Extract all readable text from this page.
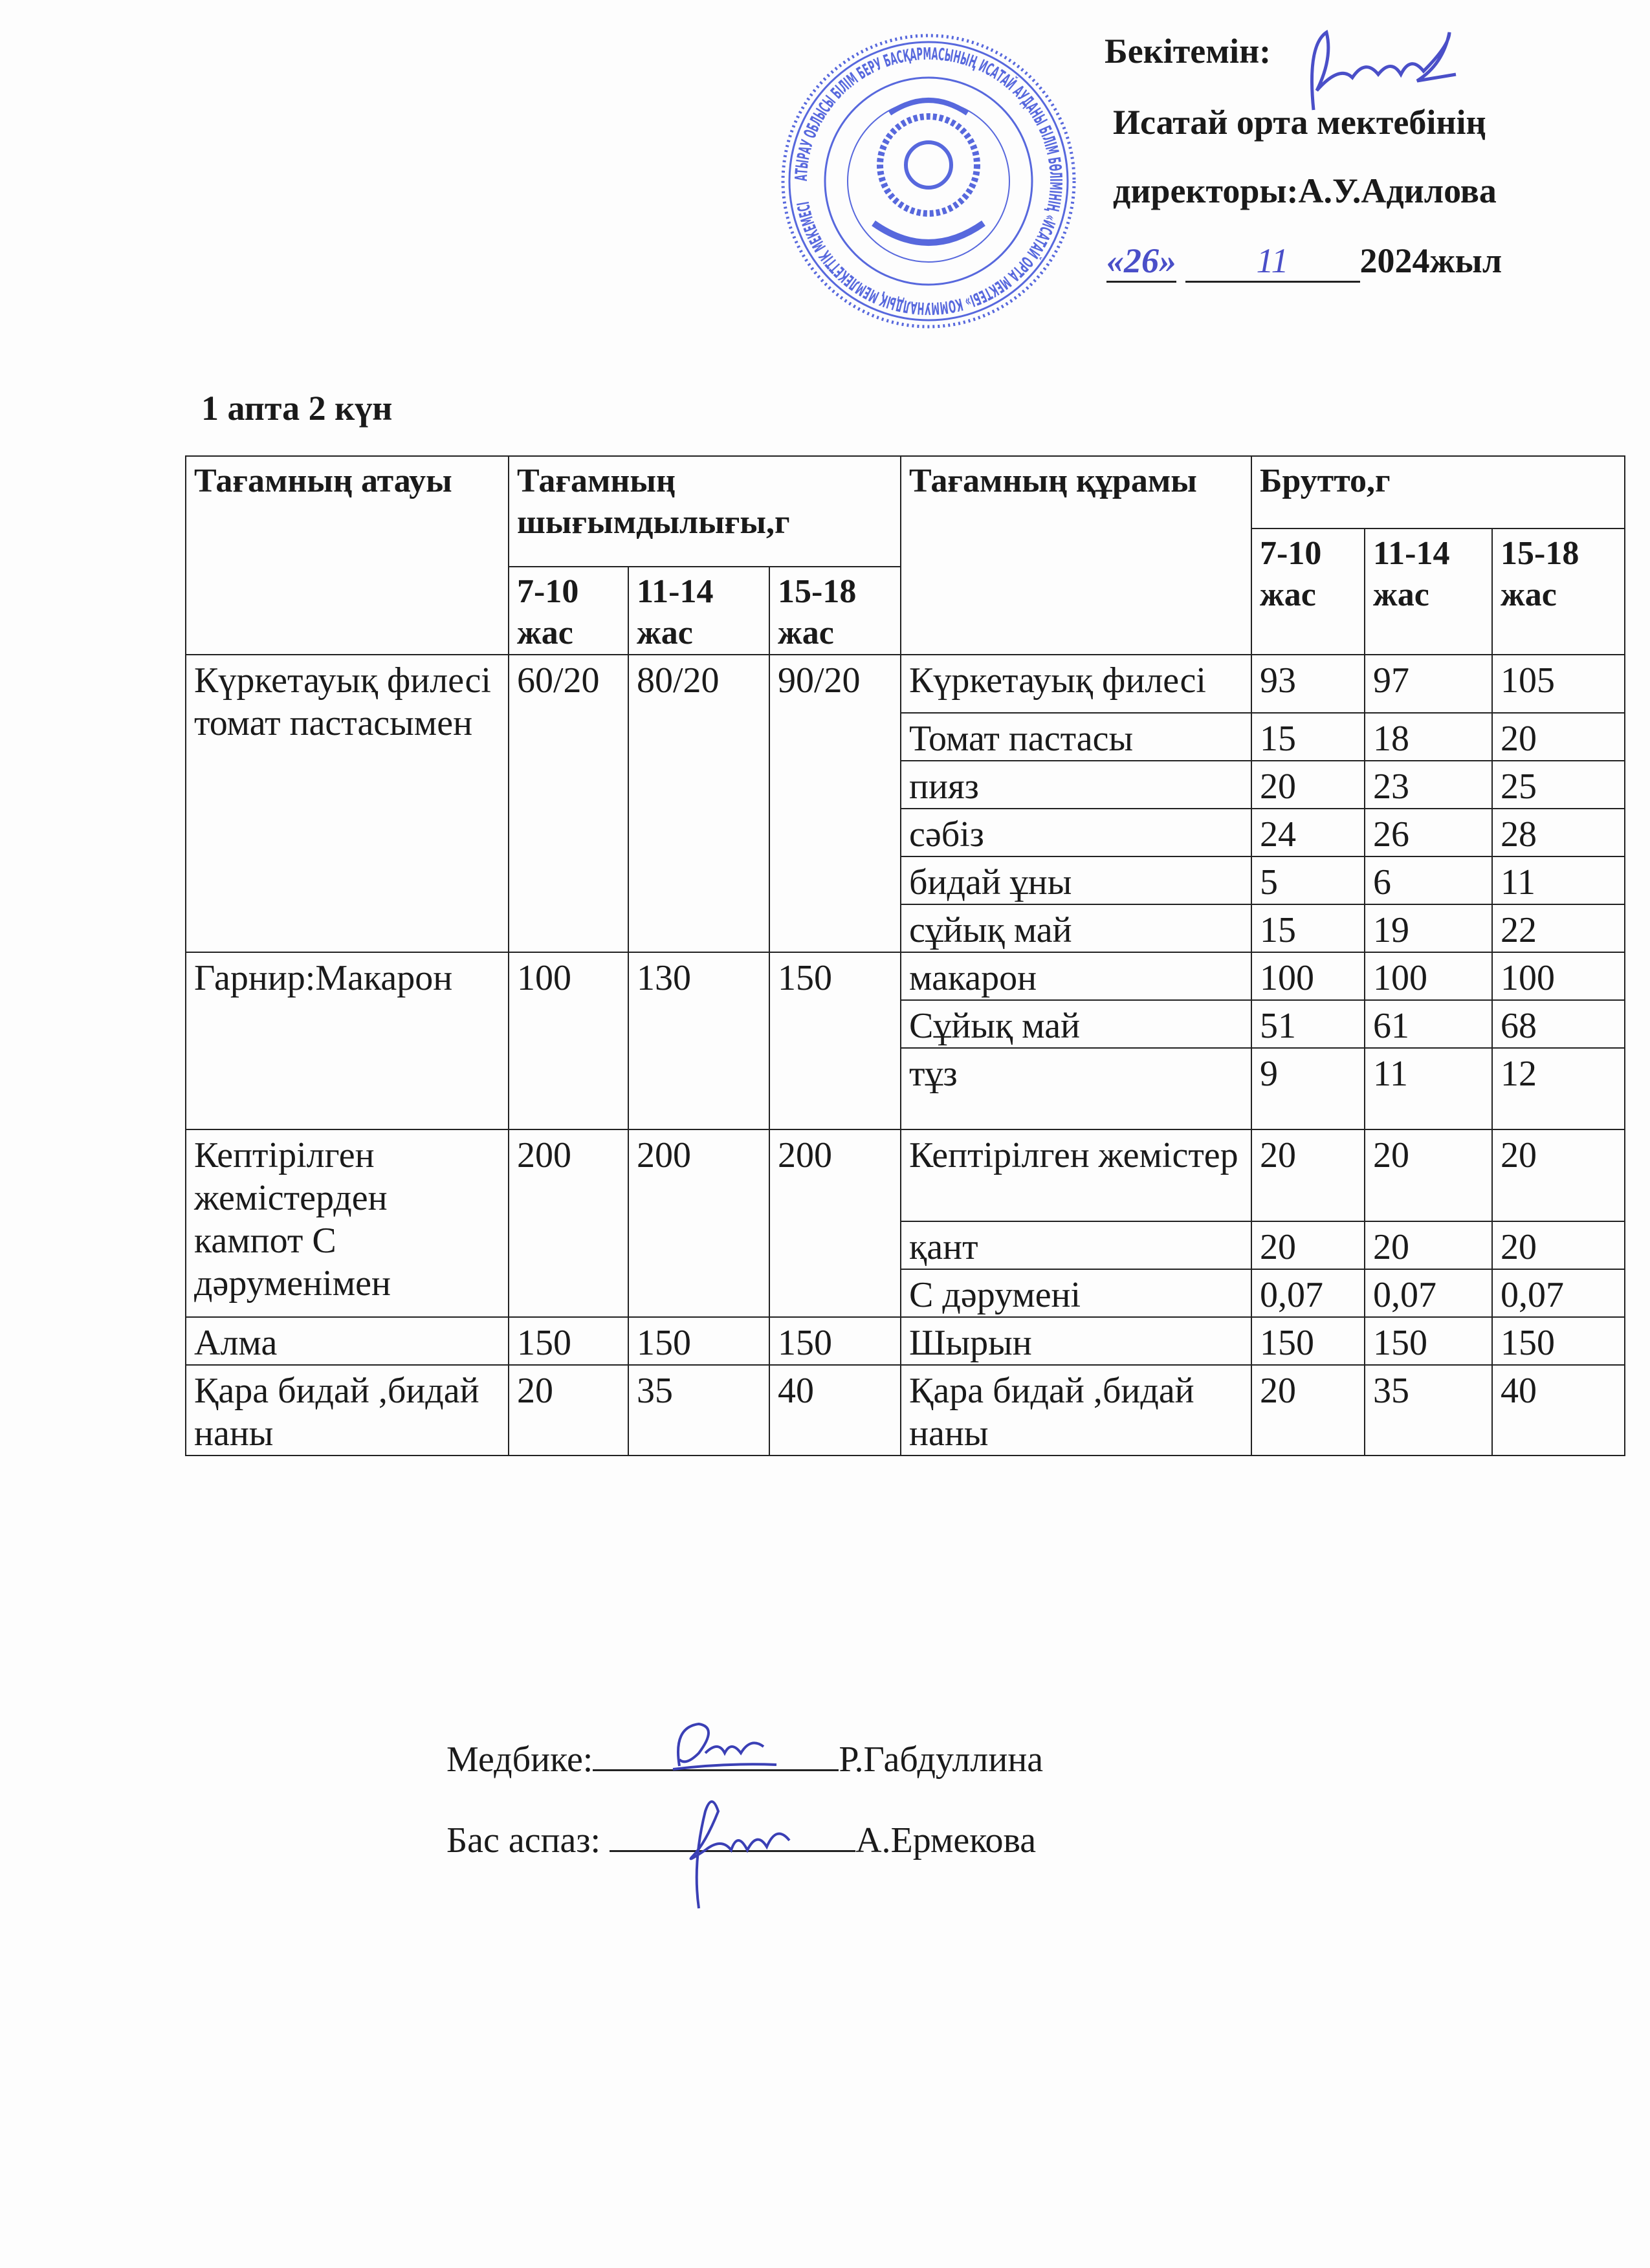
АТЫРАУ ОБЛЫСЫ БІЛІМ БЕРУ БАСҚАРМАСЫНЫҢ ИСАТАЙ АУДАНЫ БІЛІМ БӨЛІМІНІҢ «ИСАТАЙ ОРТА МЕКТЕБІ» КОММУНАЛДЫҚ МЕМЛЕКЕТТІК МЕКЕМЕСІ
Бекітемін:
Исатай орта мектебінің
директоры:А.У.Адилова
«26» 11 2024жыл
1 апта 2 күн
Тағамның атауы	Тағамның шығымдылығы,г			Тағамның құрамы	Брутто,г		
					7-10 жас	11-14 жас	15-18 жас
	7-10 жас	11-14 жас	15-18 жас				
Күркетауық филесі томат пастасымен	60/20	80/20	90/20	Күркетауық филесі	93	97	105
				Томат пастасы	15	18	20
				пияз	20	23	25
				сәбіз	24	26	28
				бидай ұны	5	6	11
				сұйық май	15	19	22
Гарнир:Макарон	100	130	150	макарон	100	100	100
				Сұйық май	51	61	68
				тұз	9	11	12
Кептірілген жемістерден кампот С дәруменімен	200	200	200	Кептірілген жемістер	20	20	20
				қант	20	20	20
				С дәрумені	0,07	0,07	0,07
Алма	150	150	150	Шырын	150	150	150
Қара бидай ,бидай наны	20	35	40	Қара бидай ,бидай наны	20	35	40
Медбике:	Р.Габдуллина
Бас аспаз:	А.Ермекова
